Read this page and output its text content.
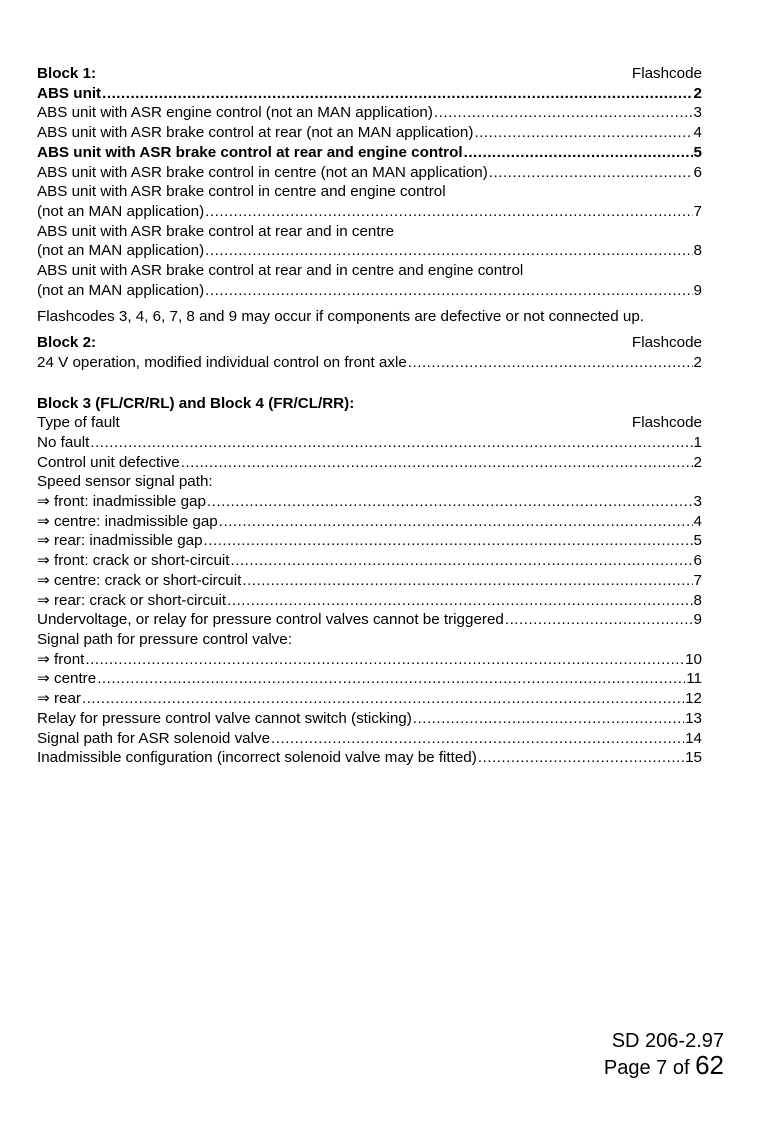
Block 1:	Flashcode
ABS unit .....	2
ABS unit with ASR engine control (not an MAN application) .....	3
ABS unit with ASR brake control at rear (not an MAN application) .....	4
ABS unit with ASR brake control at rear and engine control .....	5
ABS unit with ASR brake control in centre (not an MAN application) .....	6
ABS unit with ASR brake control in centre and engine control
(not an MAN application) .....	7
ABS unit with ASR brake control at rear and in centre
(not an MAN application) .....	8
ABS unit with ASR brake control at rear and in centre and engine control
(not an MAN application) .....	9
Flashcodes 3, 4, 6, 7, 8 and 9 may occur if components are defective or not connected up.
Block 2:	Flashcode
24 V operation, modified individual control on front axle .....	2
Block 3 (FL/CR/RL) and Block 4 (FR/CL/RR):
Type of fault	Flashcode
No fault .....	1
Control unit defective .....	2
Speed sensor signal path:
⇒ front: inadmissible gap .....	3
⇒ centre: inadmissible gap .....	4
⇒ rear: inadmissible gap .....	5
⇒ front: crack or short-circuit .....	6
⇒ centre: crack or short-circuit .....	7
⇒ rear: crack or short-circuit .....	8
Undervoltage, or relay for pressure control valves cannot be triggered .....	9
Signal path for pressure control valve:
⇒ front .....	10
⇒ centre .....	11
⇒ rear .....	12
Relay for pressure control valve cannot switch (sticking) .....	13
Signal path for ASR solenoid valve .....	14
Inadmissible configuration (incorrect solenoid valve may be fitted) .....	15
SD 206-2.97
Page 7 of 62
